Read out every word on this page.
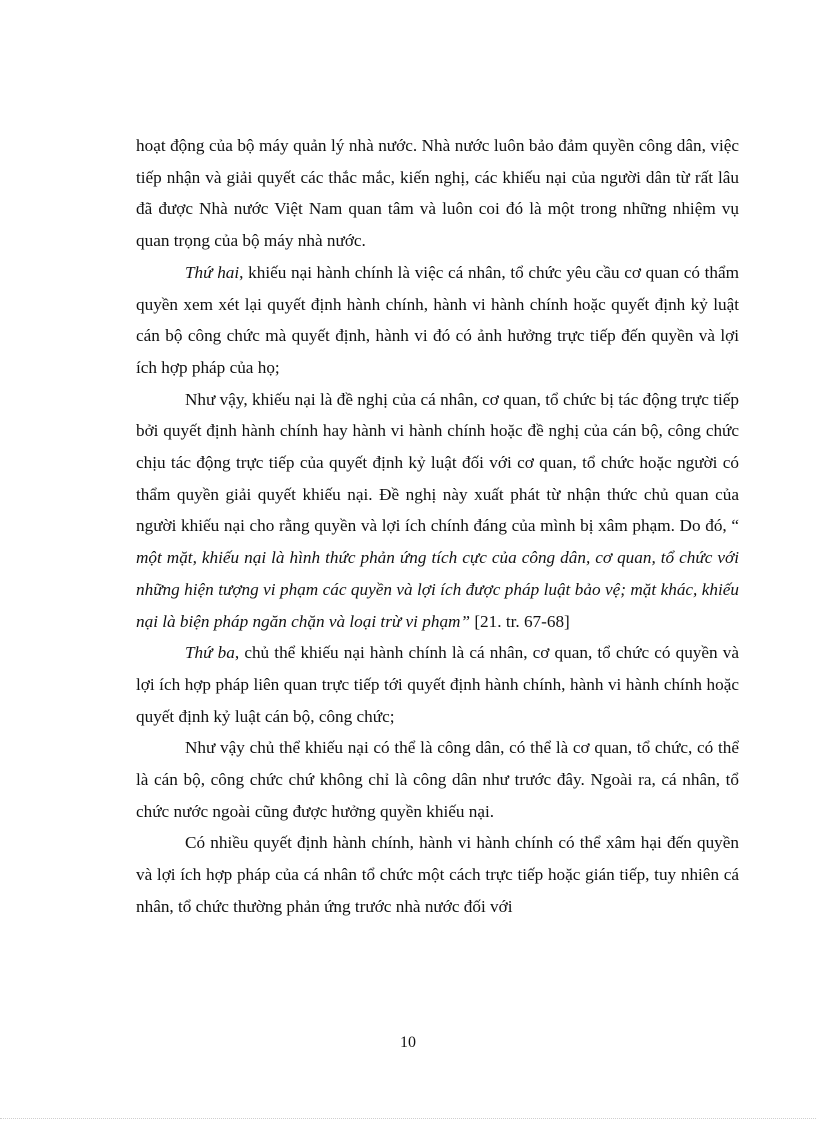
hoạt động của bộ máy quản lý nhà nước. Nhà nước luôn bảo đảm quyền công dân, việc tiếp nhận và giải quyết các thắc mắc, kiến nghị, các khiếu nại của người dân từ rất lâu đã được Nhà nước Việt Nam quan tâm và luôn coi đó là một trong những nhiệm vụ quan trọng của bộ máy nhà nước.

Thứ hai, khiếu nại hành chính là việc cá nhân, tổ chức yêu cầu cơ quan có thẩm quyền xem xét lại quyết định hành chính, hành vi hành chính hoặc quyết định kỷ luật cán bộ công chức mà quyết định, hành vi đó có ảnh hưởng trực tiếp đến quyền và lợi ích hợp pháp của họ;

Như vậy, khiếu nại là đề nghị của cá nhân, cơ quan, tổ chức bị tác động trực tiếp bởi quyết định hành chính hay hành vi hành chính hoặc đề nghị của cán bộ, công chức chịu tác động trực tiếp của quyết định kỷ luật đối với cơ quan, tổ chức hoặc người có thẩm quyền giải quyết khiếu nại. Đề nghị này xuất phát từ nhận thức chủ quan của người khiếu nại cho rằng quyền và lợi ích chính đáng của mình bị xâm phạm. Do đó, “ một mặt, khiếu nại là hình thức phản ứng tích cực của công dân, cơ quan, tổ chức với những hiện tượng vi phạm các quyền và lợi ích được pháp luật bảo vệ; mặt khác, khiếu nại là biện pháp ngăn chặn và loại trừ vi phạm” [21. tr. 67-68]

Thứ ba, chủ thể khiếu nại hành chính là cá nhân, cơ quan, tổ chức có quyền và lợi ích hợp pháp liên quan trực tiếp tới quyết định hành chính, hành vi hành chính hoặc quyết định kỷ luật cán bộ, công chức;

Như vậy chủ thể khiếu nại có thể là công dân, có thể là cơ quan, tổ chức, có thể là cán bộ, công chức chứ không chỉ là công dân như trước đây. Ngoài ra, cá nhân, tổ chức nước ngoài cũng được hưởng quyền khiếu nại.

Có nhiều quyết định hành chính, hành vi hành chính có thể xâm hại đến quyền và lợi ích hợp pháp của cá nhân tổ chức một cách trực tiếp hoặc gián tiếp, tuy nhiên cá nhân, tổ chức thường phản ứng trước nhà nước đối với

10
